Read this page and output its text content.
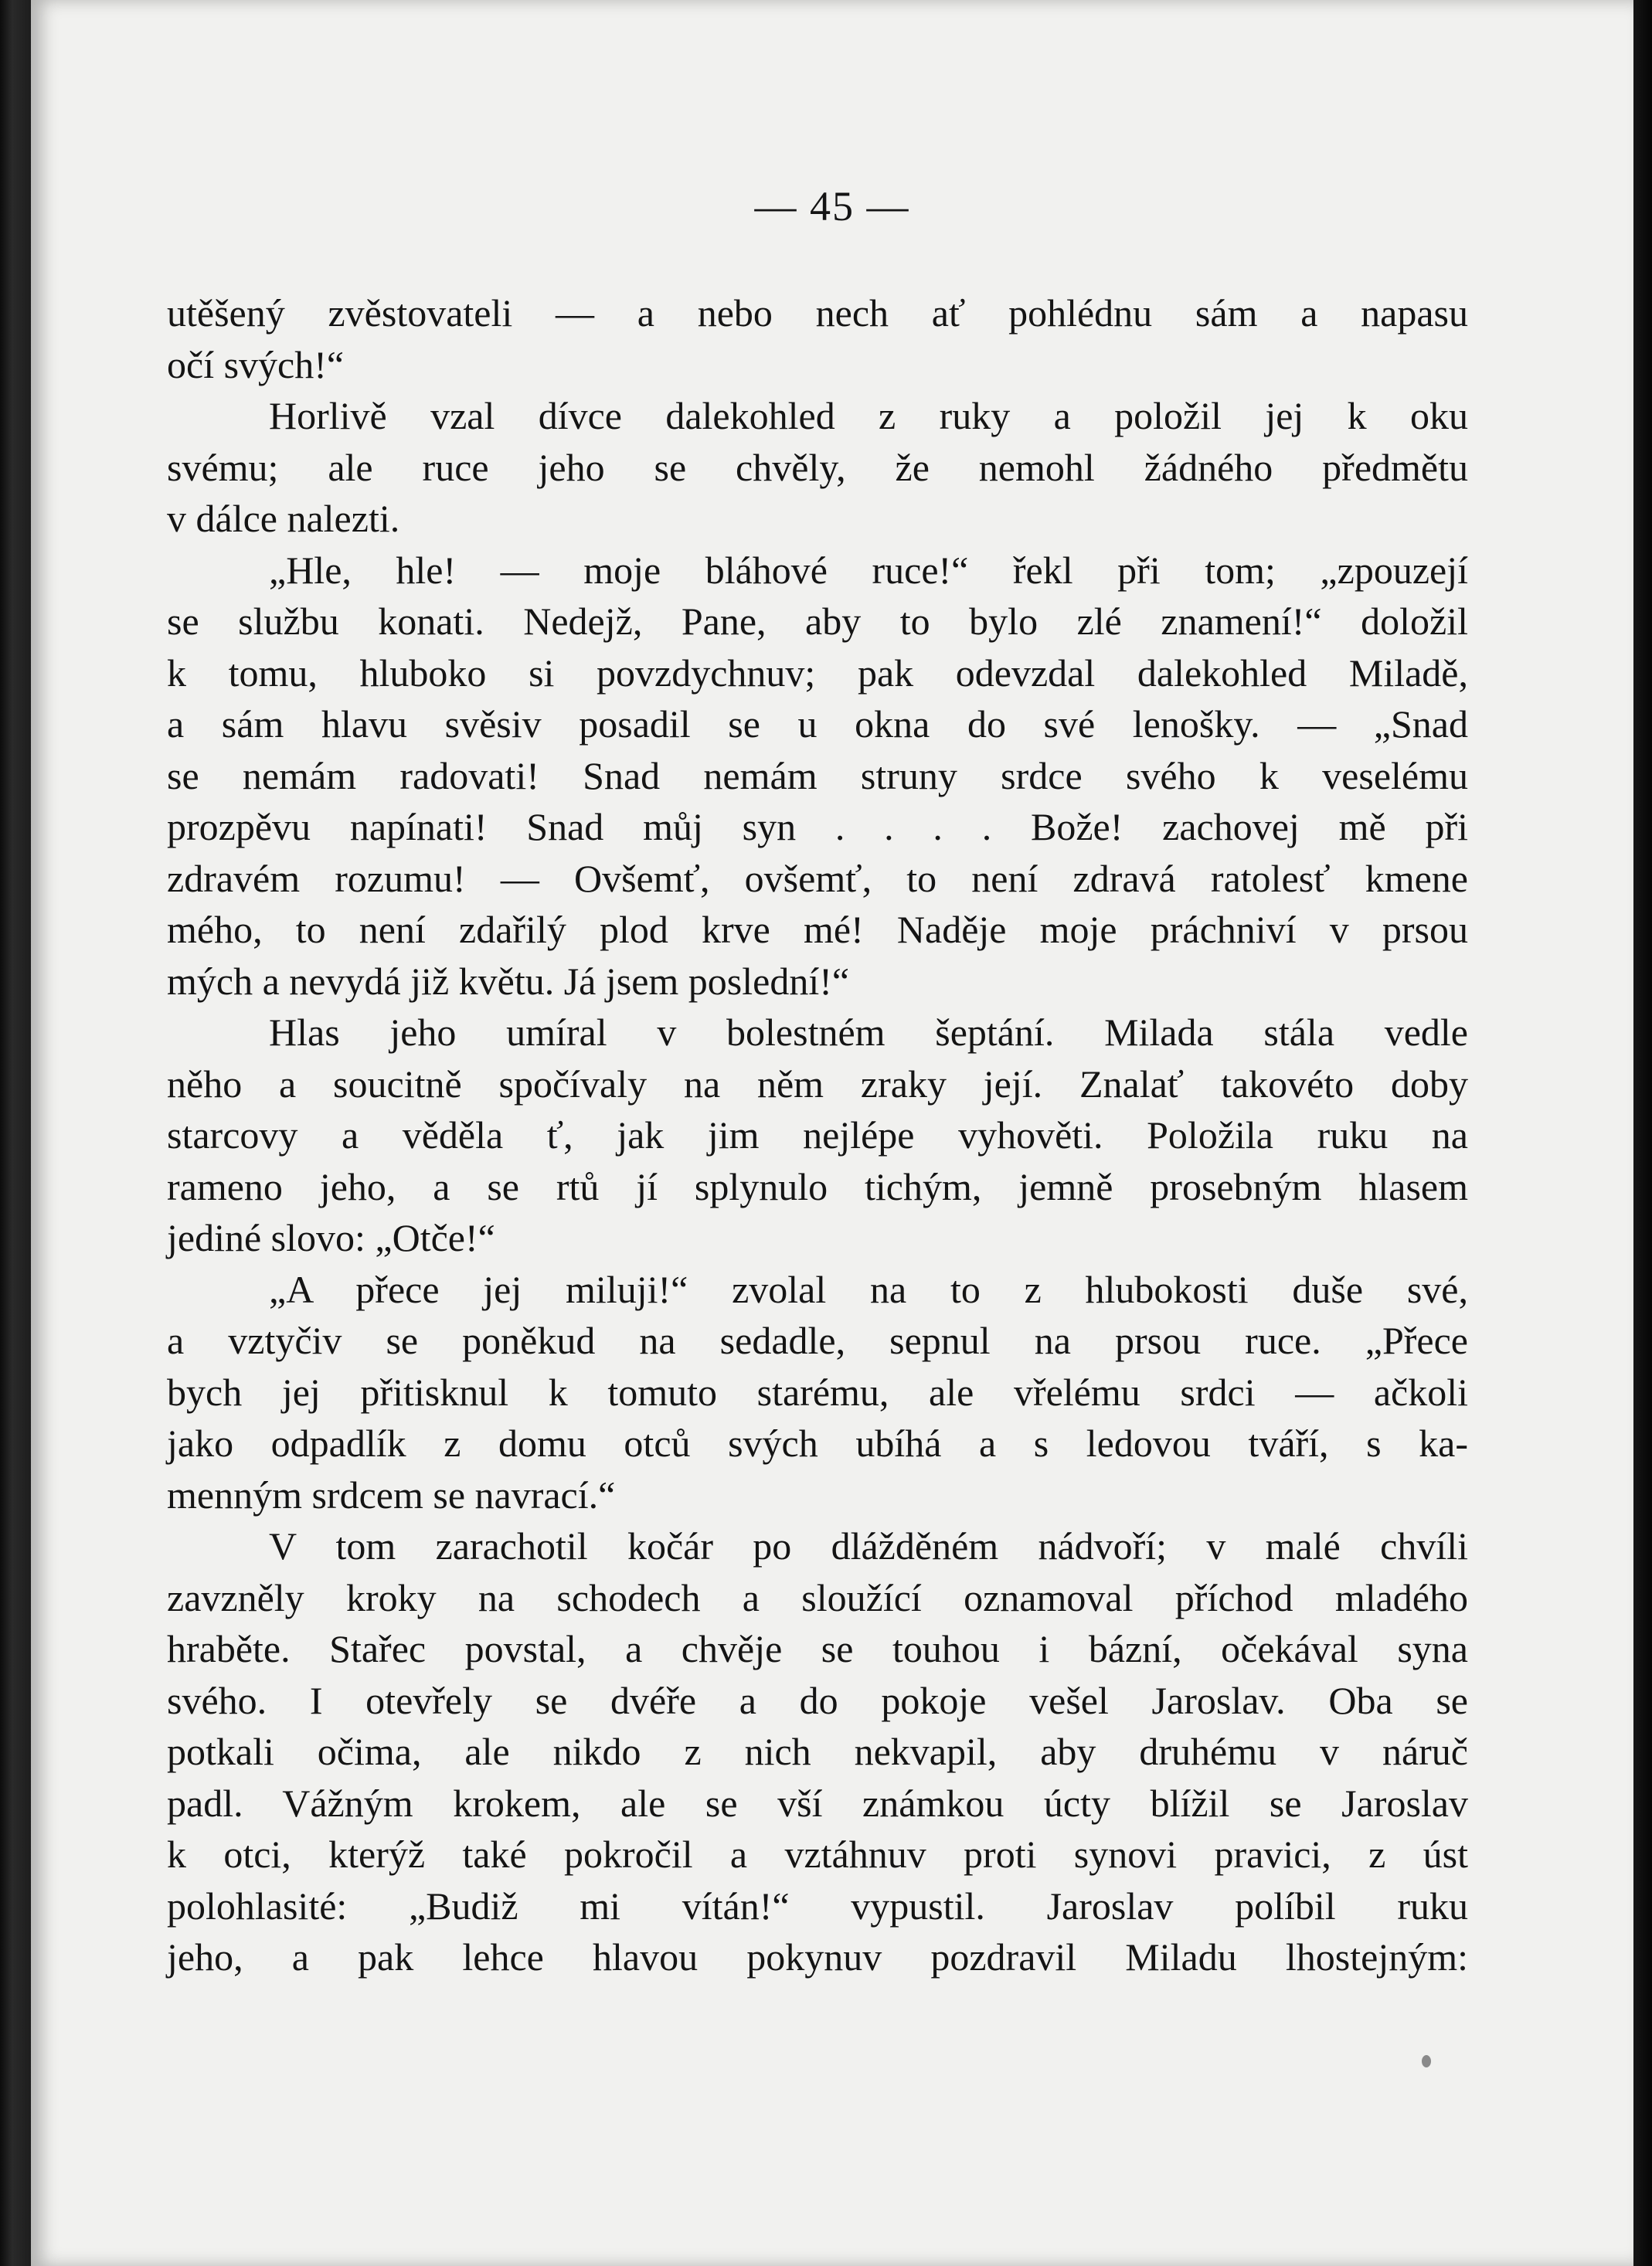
— 45 —
utěšený zvěstovateli — a nebo nech ať pohlédnu sám a napasu
očí svých!“
Horlivě vzal dívce dalekohled z ruky a položil jej k oku
svému; ale ruce jeho se chvěly, že nemohl žádného předmětu
v dálce nalezti.
„Hle, hle! — moje bláhové ruce!“ řekl při tom; „zpouzejí
se službu konati. Nedejž, Pane, aby to bylo zlé znamení!“ doložil
k tomu, hluboko si povzdychnuv; pak odevzdal dalekohled Miladě,
a sám hlavu svěsiv posadil se u okna do své lenošky. — „Snad
se nemám radovati! Snad nemám struny srdce svého k veselému
prozpěvu napínati! Snad můj syn . . . . Bože! zachovej mě při
zdravém rozumu! — Ovšemť, ovšemť, to není zdravá ratolesť kmene
mého, to není zdařilý plod krve mé! Naděje moje práchniví v prsou
mých a nevydá již květu. Já jsem poslední!“
Hlas jeho umíral v bolestném šeptání. Milada stála vedle
něho a soucitně spočívaly na něm zraky její. Znalať takovéto doby
starcovy a věděla ť, jak jim nejlépe vyhověti. Položila ruku na
rameno jeho, a se rtů jí splynulo tichým, jemně prosebným hlasem
jediné slovo: „Otče!“
„A přece jej miluji!“ zvolal na to z hlubokosti duše své,
a vztyčiv se poněkud na sedadle, sepnul na prsou ruce. „Přece
bych jej přitisknul k tomuto starému, ale vřelému srdci — ačkoli
jako odpadlík z domu otců svých ubíhá a s ledovou tváří, s ka-
menným srdcem se navrací.“
V tom zarachotil kočár po dlážděném nádvoří; v malé chvíli
zavzněly kroky na schodech a sloužící oznamoval příchod mladého
hraběte. Stařec povstal, a chvěje se touhou i bázní, očekával syna
svého. I otevřely se dvéře a do pokoje vešel Jaroslav. Oba se
potkali očima, ale nikdo z nich nekvapil, aby druhému v náruč
padl. Vážným krokem, ale se vší známkou úcty blížil se Jaroslav
k otci, kterýž také pokročil a vztáhnuv proti synovi pravici, z úst
polohlasité: „Budiž mi vítán!“ vypustil. Jaroslav políbil ruku
jeho, a pak lehce hlavou pokynuv pozdravil Miladu lhostejným:
